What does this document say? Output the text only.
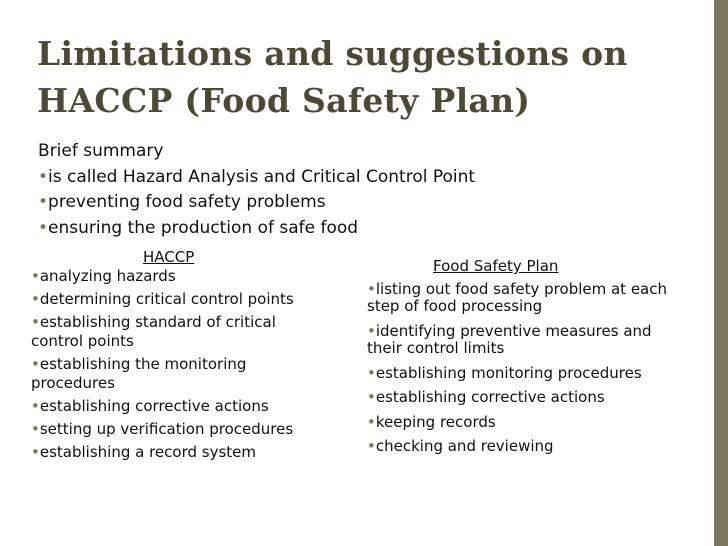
Limitations and suggestions on
HACCP (Food Safety Plan)
Brief summary
•is called Hazard Analysis and Critical Control Point
•preventing food safety problems
•ensuring the production of safe food
HACCP
•analyzing hazards
•determining critical control points
•establishing standard of critical control points
•establishing the monitoring procedures
•establishing corrective actions
•setting up verification procedures
•establishing a record system
Food Safety Plan
•listing out food safety problem at each step of food processing
•identifying preventive measures and their control limits
•establishing monitoring procedures
•establishing corrective actions
•keeping records
•checking and reviewing
